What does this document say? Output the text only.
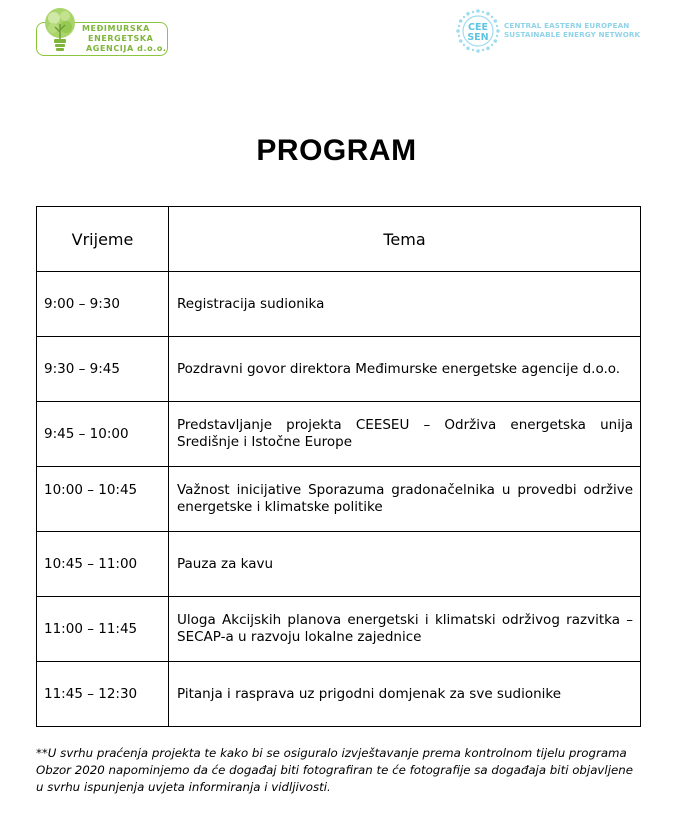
MEĐIMURSKA
ENERGETSKA
AGENCIJA d.o.o.
CEE
SEN
CENTRAL EASTERN EUROPEAN
SUSTAINABLE ENERGY NETWORK
PROGRAM
Vrijeme	Tema
9:00 – 9:30	Registracija sudionika
9:30 – 9:45	Pozdravni govor direktora Međimurske energetske agencije d.o.o.
9:45 – 10:00	Predstavljanje projekta CEESEU – Održiva energetska unija Središnje i Istočne Europe
10:00 – 10:45	Važnost inicijative Sporazuma gradonačelnika u provedbi održive energetske i klimatske politike
10:45 – 11:00	Pauza za kavu
11:00 – 11:45	Uloga Akcijskih planova energetski i klimatski održivog razvitka – SECAP-a u razvoju lokalne zajednice
11:45 – 12:30	Pitanja i rasprava uz prigodni domjenak za sve sudionike
**U svrhu praćenja projekta te kako bi se osiguralo izvještavanje prema kontrolnom tijelu programa Obzor 2020 napominjemo da će događaj biti fotografiran te će fotografije sa događaja biti objavljene u svrhu ispunjenja uvjeta informiranja i vidljivosti.
